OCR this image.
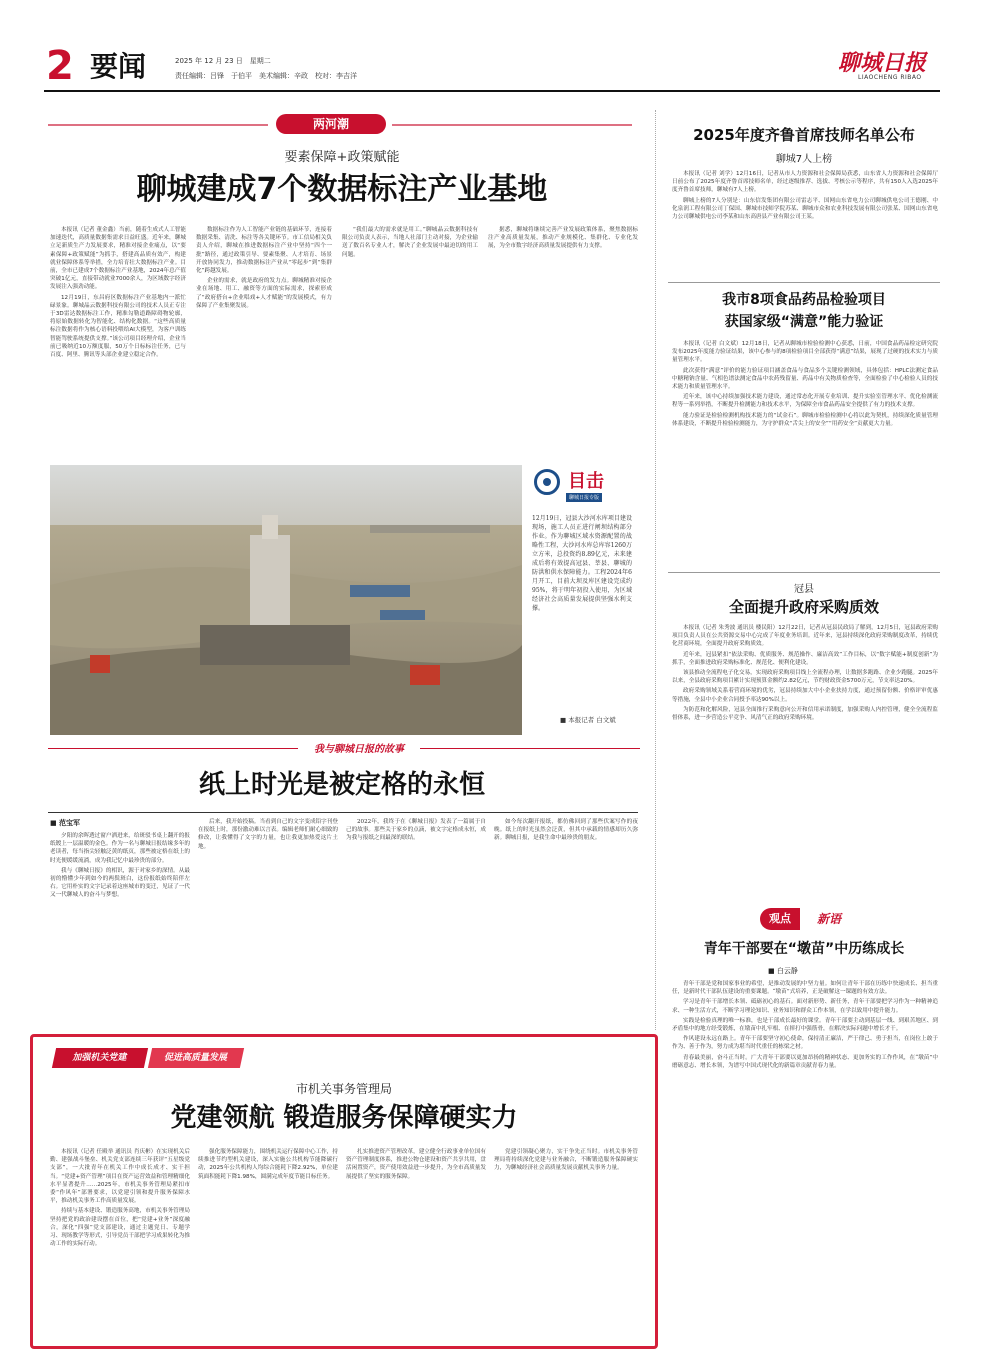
2 要闻	2025 年 12 月 23 日　星期二
责任编辑：吕锋　于伯平　美术编辑：辛政　校对：李吉洋	聊城日报
LIAOCHENG RIBAO
两河潮
要素保障+政策赋能
聊城建成7个数据标注产业基地

本报讯（记者 董金鑫）当前，随着生成式人工智能加速迭代，高质量数据集需求日益旺盛。近年来，聊城立足新质生产力发展要求，精准对接企业痛点，以“要素保障+政策赋能”为抓手，搭建高品质有效产，构建就业保障体系等举措，全力培育壮大数据标注产业。目前，全市已建成7个数据标注产业基地，2024年总产值突破1亿元，直接带动就业7000余人，为区域数字经济发展注入强劲动能。

12月19日，东昌府区数据标注产业基地内一派忙碌景象。聊城晶云数据科技有限公司的技术人员正专注于3D雷达数据标注工作，精准勾勒道路障碍物轮廓，将原始数据转化为智能化、结构化数据。“这些高质量标注数据将作为核心语料投喂给AI大模型，为客户训练智能驾驶系统提供支撑。”该公司项目经理介绍，企业当前已吸纳近10万额度服，50万个日标标注任务，已与百度、阿里、腾讯等头部企业建立稳定合作。

数据标注作为人工智能产业链的基础环节，连接着数据采集、清洗、标注等各关键环节。市工信局相关负责人介绍，聊城在推进数据标注产业中坚持“四个一批”路径，通过政策引导、要素集聚、人才培育、场景开放协同发力，推动数据标注产业从“零起步”到“集群化”跨越发展。

企业的需求，就是政府的发力点。聊城精准对接企业在场地、用工、融资等方面的实际需求，探索形成了“政府搭台+企业唱戏+人才赋能”的发展模式，有力保障了产业集聚发展。

“我们最大的需求就是用工。”聊城晶云数据科技有限公司负责人表示，当地人社部门主动对接，为企业输送了数百名专业人才，解决了企业发展中最迫切的用工问题。

据悉，聊城将继续完善产业发展政策体系，聚焦数据标注产业高质量发展，推动产业规模化、集群化、专业化发展，为全市数字经济高质量发展提供有力支撑。

目击
聊城日报专版
12月19日，冠县大沙河水库项目建设现场，施工人员正进行闸坝结构部分作业。作为聊城区域水资源配置的战略性工程，大沙河水库总库容1260万立方米，总投资约8.89亿元，未来建成后将有效提高冠县、莘县、聊城的防洪和供水保障能力。工程2024年6月开工，目前大坝及库区建设完成约95%，将于明年初投入使用，为区域经济社会高质量发展提供坚强水利支撑。
■ 本报记者 白文斌
我与聊城日报的故事
纸上时光是被定格的永恒
■ 范宝军

夕阳的余晖透过窗户洒进来，给斑驳书桌上翻开的报纸镀上一层温暖的金色。作为一名与聊城日报结缘多年的老读者，每当指尖轻触泛黄的纸页，那些被定格在纸上的时光便缓缓流淌，成为我记忆中最珍贵的部分。

我与《聊城日报》的相识，源于对家乡的深情。从最初的懵懂少年到如今的两鬓斑白，这份报纸始终陪伴左右。它用朴实的文字记录着这座城市的变迁，见证了一代又一代聊城人的奋斗与梦想。

后来，我开始投稿。当看到自己的文字变成铅字刊登在报纸上时，那份激动难以言表。编辑老师们耐心细致的修改，让我懂得了文字的力量，也让我更加热爱这片土地。

2022年，我终于在《聊城日报》发表了一篇属于自己的故事。那些关于家乡的点滴，被文字定格成永恒，成为我与报纸之间最深的联结。

如今每次翻开报纸，都仿佛回到了那些伏案写作的夜晚。纸上的时光虽然会泛黄，但其中承载的情感却历久弥新。聊城日报，是我生命中最珍贵的朋友。

加强机关党建	促进高质量发展
市机关事务管理局
党建领航 锻造服务保障硬实力

本报讯（记者 任殿举 通讯员 肖庆彬）在实现机关后勤、建强战斗堡垒、机关党支部连续三年获评“五星级党支部”，一大批青年在机关工作中成长成才、实干担当。“党建+资产管理”项目在资产运营效益和管理精细化水平显著提升……2025年，市机关事务管理局紧扣市委“作风年”部署要求，以党建引领和提升服务保障水平，推动机关事务工作高质量发展。

持续与基本建设、锻造服务高地，市机关事务管理局坚持把党的政治建设摆在首位，把“党建+业务”深度融合，深化“四强”党支部建设，通过主题党日、专题学习、现场教学等形式，引导党员干部把学习成果转化为推动工作的实际行动。

强化服务保障能力，围绕机关运行保障中心工作，持续推进节约型机关建设，深入实施公共机构节能降碳行动，2025年公共机构人均综合能耗下降2.92%，单位建筑面积能耗下降1.98%，圆满完成年度节能目标任务。

扎实推进资产管理改革，建立健全行政事业单位国有资产管理制度体系，推进公物仓建设和资产共享共用，盘活闲置资产，资产使用效益进一步提升，为全市高质量发展提供了坚实的服务保障。

党建引领凝心聚力，实干争先正当时。市机关事务管理局将持续深化党建与业务融合，不断锻造服务保障硬实力，为聊城经济社会高质量发展贡献机关事务力量。

2025年度齐鲁首席技师名单公布
聊城7人上榜

本报讯（记者 刘学）12月16日，记者从市人力资源和社会保障局获悉，山东省人力资源和社会保障厅日前公布了2025年度齐鲁首席技师名单，经过逐级推荐、选拔、考核公示等程序，共有150人入选2025年度齐鲁首席技师，聊城有7人上榜。

聊城上榜的7人分别是：山东信发集团有限公司雷志平、国网山东省电力公司聊城供电公司王德刚、中化泉润工程有限公司丁保国、聊城市技师学院苏某、聊城市众和农业科技发展有限公司张某、国网山东省电力公司聊城供电公司李某和山东高唐县产业有限公司王某。

我市8项食品药品检验项目
获国家级“满意”能力验证

本报讯（记者 白文斌）12月18日，记者从聊城市检验检测中心获悉，日前，中国食品药品检定研究院发布2025年度能力验证结果，该中心参与的8项检验项目全部获得“满意”结果，展现了过硬的技术实力与质量管理水平。

此次获得“满意”评价的能力验证项目涵盖食品与食品多个关键检测领域，具体包括：HPLC法测定食品中糖精钠含量、气相色谱法测定食品中农药残留量、药品中有关物质检查等，全面检验了中心检验人员的技术能力和质量管理水平。

近年来，该中心持续加强技术能力建设，通过常态化开展专业培训、提升实验室管理水平、优化检测流程等一系列举措，不断提升检测能力和技术水平，为保障全市食品药品安全提供了有力的技术支撑。

能力验证是检验检测机构技术能力的“试金石”。聊城市检验检测中心将以此为契机，持续深化质量管理体系建设，不断提升检验检测能力，为守护群众“舌尖上的安全”“用药安全”贡献更大力量。

冠县
全面提升政府采购质效

本报讯（记者 朱秀波 通讯员 楼民阳）12月22日，记者从冠县民政局了解到，12月5日，冠县政府采购项目负责人员在公共资源交易中心完成了年度业务培训。近年来，冠县持续深化政府采购制度改革，持续优化营商环境，全面提升政府采购质效。

近年来，冠县紧扣“依法采购、优质服务、规范操作、廉洁高效”工作目标，以“数字赋能+制度创新”为抓手，全面推进政府采购标准化、规范化、便利化建设。

该县推动全流程电子化交易，实现政府采购项目线上全流程办理，让数据多跑路、企业少跑腿。2025年以来，全县政府采购项目累计实现预算金额约2.82亿元，节约财政资金5700万元，节支率达20%。

政府采购领域关系着营商环境的优劣，冠县持续加大中小企业扶持力度，通过预留份额、价格评审优惠等措施，全县中小企业合同授予率达90%以上。

为防范和化解风险，冠县全面推行采购意向公开和信用承诺制度，加强采购人内控管理，健全全流程监督体系，进一步营造公平竞争、风清气正的政府采购环境。

观点	新语
青年干部要在“墩苗”中历练成长
■ 白云静

青年干部是党和国家事业的希望，是推动发展的中坚力量。如何让青年干部在历练中快速成长、担当重任，是新时代干部队伍建设的重要课题。“墩苗”式培养，正是破解这一课题的有效方法。

学习是青年干部增长本领、砥砺初心的基石。面对新形势、新任务，青年干部要把学习作为一种精神追求、一种生活方式，不断学习理论知识、业务知识和群众工作本领，在学以致用中提升能力。

实践是检验真理的唯一标准，也是干部成长最好的课堂。青年干部要主动到基层一线、到艰苦地区、到矛盾集中的地方经受锻炼，在墩苗中扎牢根、在摔打中强筋骨，在解决实际问题中增长才干。

作风建设永远在路上。青年干部要坚守初心使命，保持清正廉洁，严于律己、勇于担当，在岗位上敢于作为、善于作为，努力成为堪当时代重任的栋梁之材。

青春最美丽，奋斗正当时。广大青年干部要以更加昂扬的精神状态、更加务实的工作作风，在“墩苗”中磨砺意志、增长本领，为谱写中国式现代化的新篇章贡献青春力量。
